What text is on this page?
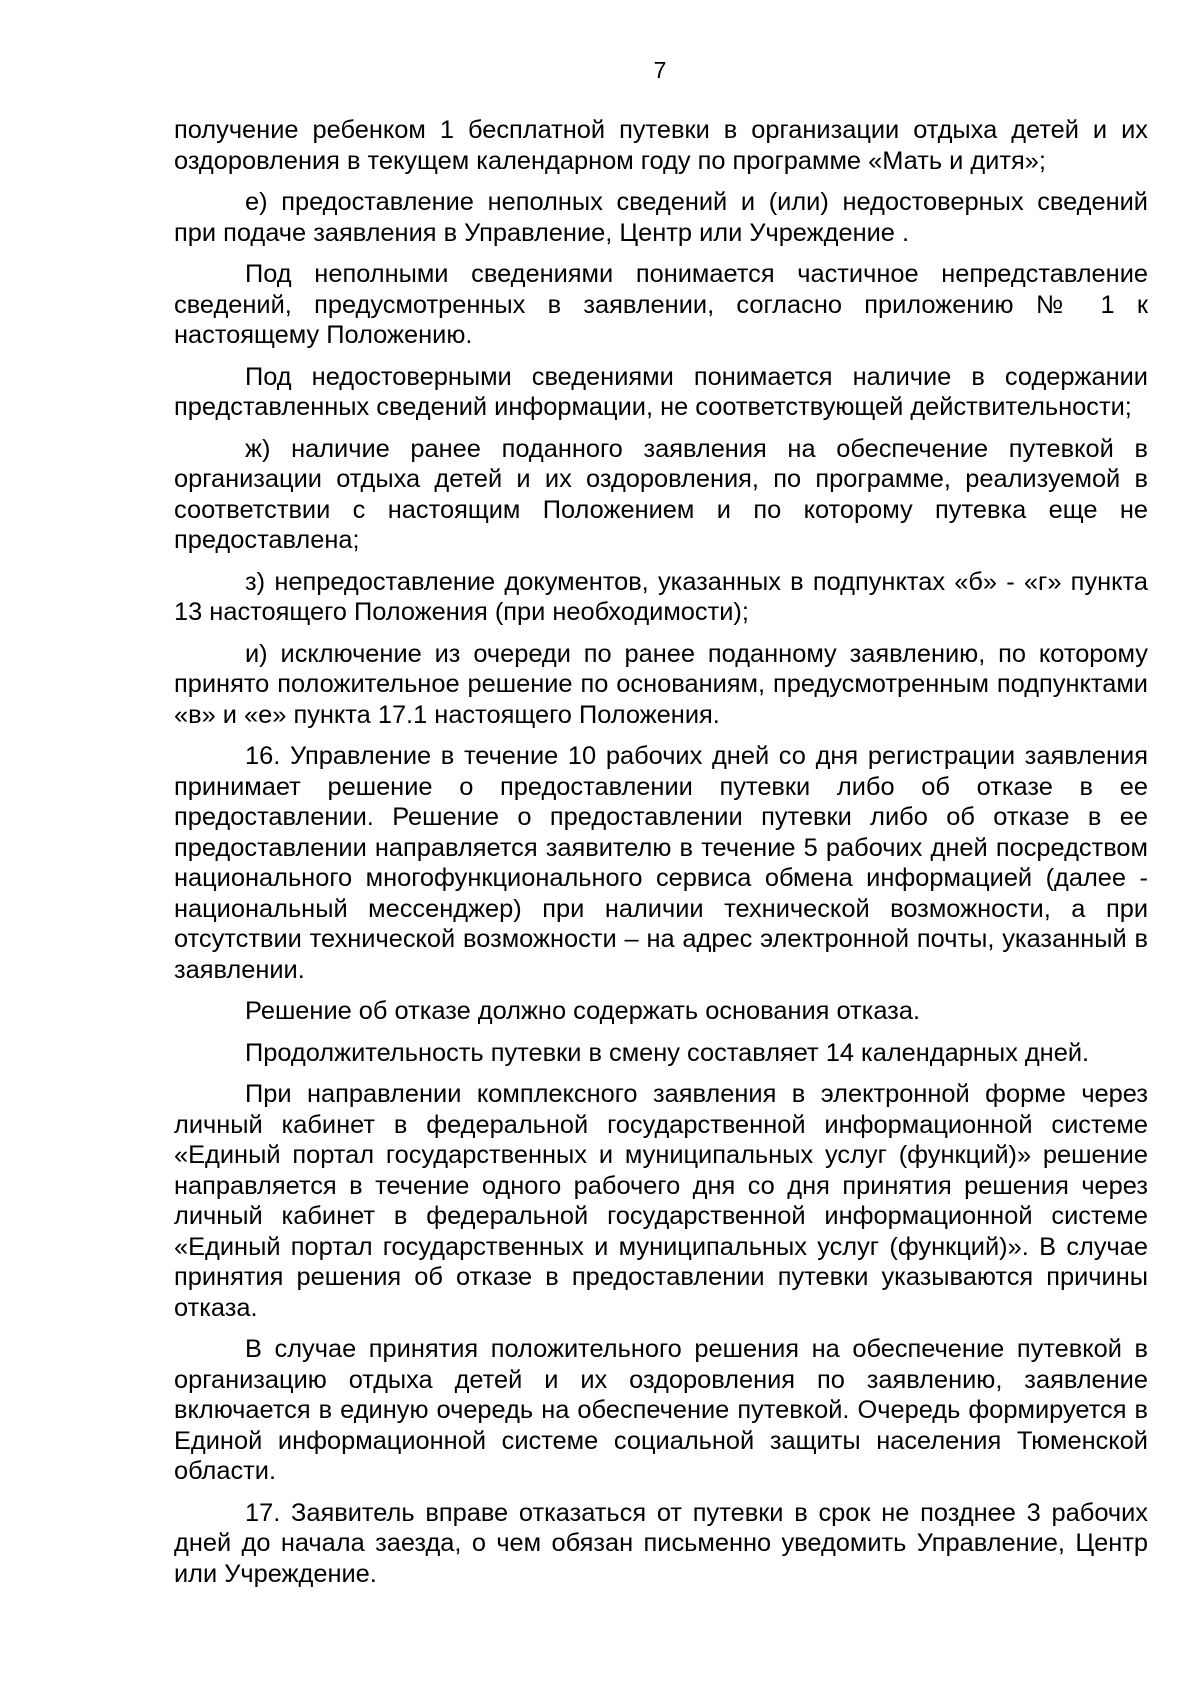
7

получение ребенком 1 бесплатной путевки в организации отдыха детей и их оздоровления в текущем календарном году по программе «Мать и дитя»;

е) предоставление неполных сведений и (или) недостоверных сведений при подаче заявления в Управление, Центр или Учреждение .

Под неполными сведениями понимается частичное непредставление сведений, предусмотренных в заявлении, согласно приложению № 1 к настоящему Положению.

Под недостоверными сведениями понимается наличие в содержании представленных сведений информации, не соответствующей действительности;

ж) наличие ранее поданного заявления на обеспечение путевкой в организации отдыха детей и их оздоровления, по программе, реализуемой в соответствии с настоящим Положением и по которому путевка еще не предоставлена;

з) непредоставление документов, указанных в подпунктах «б» - «г» пункта 13 настоящего Положения (при необходимости);

и) исключение из очереди по ранее поданному заявлению, по которому принято положительное решение по основаниям, предусмотренным подпунктами «в» и «е» пункта 17.1 настоящего Положения.

16. Управление в течение 10 рабочих дней со дня регистрации заявления принимает решение о предоставлении путевки либо об отказе в ее предоставлении. Решение о предоставлении путевки либо об отказе в ее предоставлении направляется заявителю в течение 5 рабочих дней посредством национального многофункционального сервиса обмена информацией (далее - национальный мессенджер) при наличии технической возможности, а при отсутствии технической возможности – на адрес электронной почты, указанный в заявлении.

Решение об отказе должно содержать основания отказа.

Продолжительность путевки в смену составляет 14 календарных дней.

При направлении комплексного заявления в электронной форме через личный кабинет в федеральной государственной информационной системе «Единый портал государственных и муниципальных услуг (функций)» решение направляется в течение одного рабочего дня со дня принятия решения через личный кабинет в федеральной государственной информационной системе «Единый портал государственных и муниципальных услуг (функций)». В случае принятия решения об отказе в предоставлении путевки указываются причины отказа.

В случае принятия положительного решения на обеспечение путевкой в организацию отдыха детей и их оздоровления по заявлению, заявление включается в единую очередь на обеспечение путевкой. Очередь формируется в Единой информационной системе социальной защиты населения Тюменской области.

17. Заявитель вправе отказаться от путевки в срок не позднее 3 рабочих дней до начала заезда, о чем обязан письменно уведомить Управление, Центр или Учреждение.
